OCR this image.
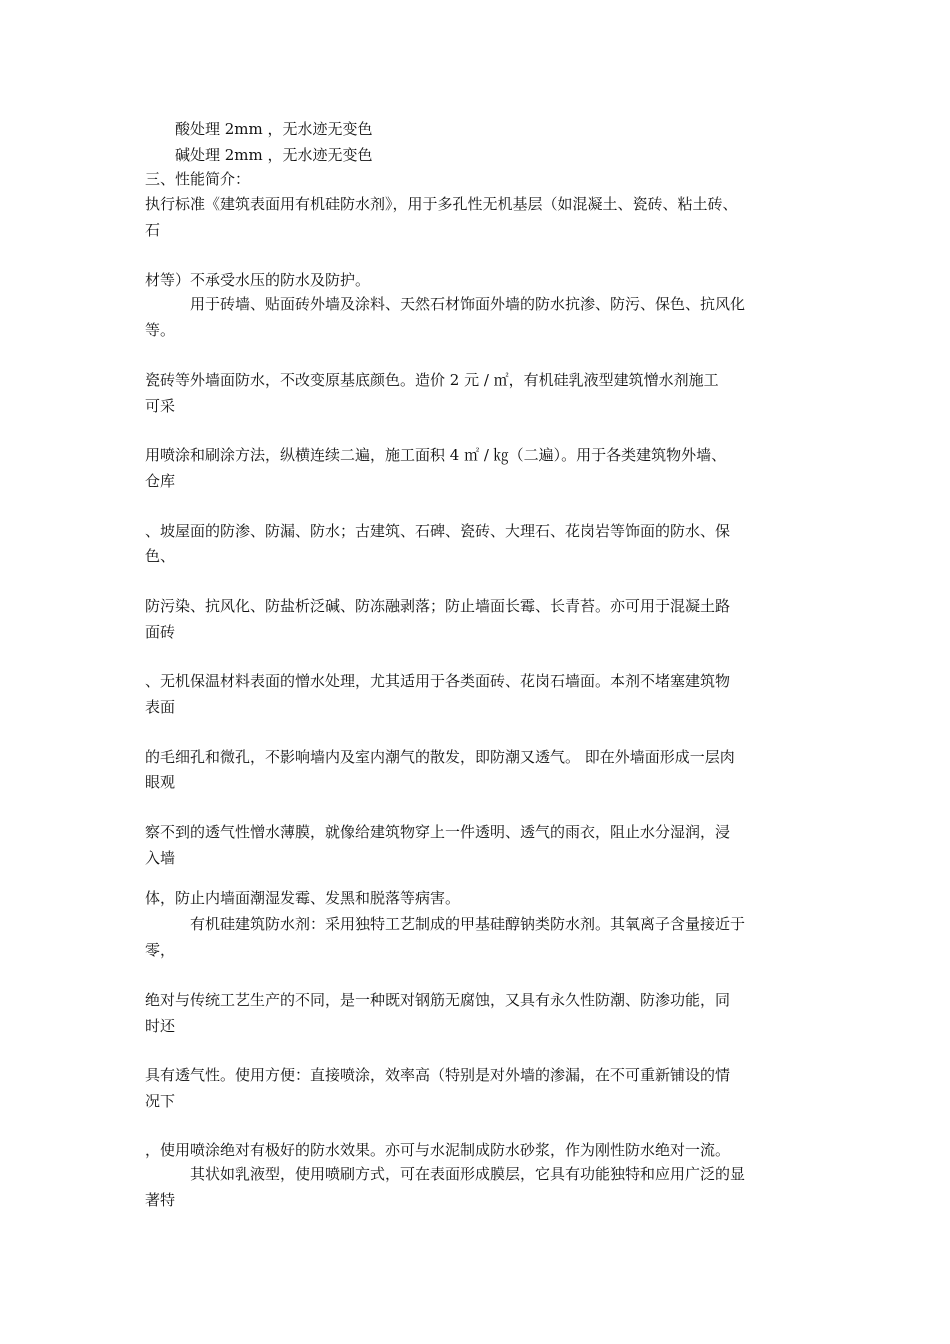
　　酸处理 2mm ，无水迹无变色
　　碱处理 2mm ，无水迹无变色
三、性能简介：
执行标准《建筑表面用有机硅防水剂》，用于多孔性无机基层（如混凝土、瓷砖、粘土砖、
石
材等）不承受水压的防水及防护。
　　　用于砖墙、贴面砖外墙及涂料、天然石材饰面外墙的防水抗渗、防污、保色、抗风化
等。
瓷砖等外墙面防水，不改变原基底颜色。造价 2 元 / ㎡，有机硅乳液型建筑憎水剂施工
可采
用喷涂和刷涂方法，纵横连续二遍，施工面积 4 ㎡ / ㎏（二遍）。用于各类建筑物外墙、
仓库
、坡屋面的防渗、防漏、防水；古建筑、石碑、瓷砖、大理石、花岗岩等饰面的防水、保
色、
防污染、抗风化、防盐析泛碱、防冻融剥落；防止墙面长霉、长青苔。亦可用于混凝土路
面砖
、无机保温材料表面的憎水处理，尤其适用于各类面砖、花岗石墙面。本剂不堵塞建筑物
表面
的毛细孔和微孔，不影响墙内及室内潮气的散发，即防潮又透气。 即在外墙面形成一层肉
眼观
察不到的透气性憎水薄膜，就像给建筑物穿上一件透明、透气的雨衣，阻止水分湿润，浸
入墙
体，防止内墙面潮湿发霉、发黑和脱落等病害。
　　　有机硅建筑防水剂：采用独特工艺制成的甲基硅醇钠类防水剂。其氧离子含量接近于
零，
绝对与传统工艺生产的不同，是一种既对钢筋无腐蚀，又具有永久性防潮、防渗功能，同
时还
具有透气性。使用方便：直接喷涂，效率高（特别是对外墙的渗漏，在不可重新铺设的情
况下
，使用喷涂绝对有极好的防水效果。亦可与水泥制成防水砂浆，作为刚性防水绝对一流。
　　　其状如乳液型，使用喷刷方式，可在表面形成膜层，它具有功能独特和应用广泛的显
著特
